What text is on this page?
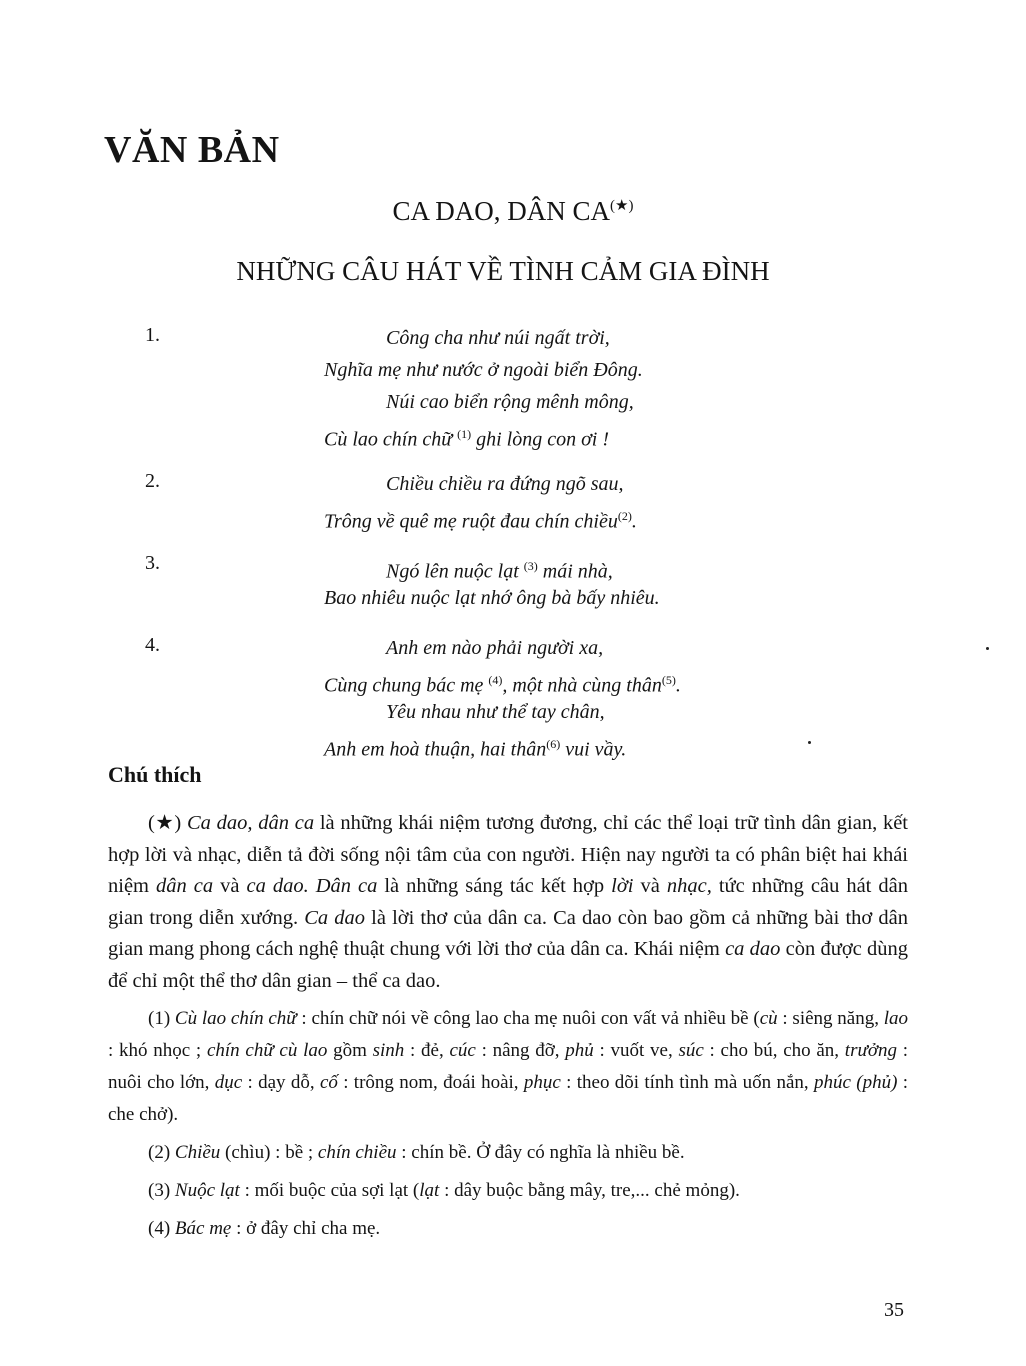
VĂN BẢN
CA DAO, DÂN CA(★)
NHỮNG CÂU HÁT VỀ TÌNH CẢM GIA ĐÌNH
1.	Công cha như núi ngất trời,
Nghĩa mẹ như nước ở ngoài biển Đông.
Núi cao biển rộng mênh mông,
Cù lao chín chữ $^{(1)}$ ghi lòng con ơi !
2.	Chiều chiều ra đứng ngõ sau,
Trông về quê mẹ ruột đau chín chiều$^{(2)}$.
3.	Ngó lên nuộc lạt $^{(3)}$ mái nhà,
Bao nhiêu nuộc lạt nhớ ông bà bấy nhiêu.
4.	Anh em nào phải người xa,
Cùng chung bác mẹ $^{(4)}$, một nhà cùng thân$^{(5)}$.
Yêu nhau như thể tay chân,
Anh em hoà thuận, hai thân$^{(6)}$ vui vầy.
Chú thích

(★) Ca dao, dân ca là những khái niệm tương đương, chỉ các thể loại trữ tình dân gian, kết hợp lời và nhạc, diễn tả đời sống nội tâm của con người. Hiện nay người ta có phân biệt hai khái niệm dân ca và ca dao. Dân ca là những sáng tác kết hợp lời và nhạc, tức những câu hát dân gian trong diễn xướng. Ca dao là lời thơ của dân ca. Ca dao còn bao gồm cả những bài thơ dân gian mang phong cách nghệ thuật chung với lời thơ của dân ca. Khái niệm ca dao còn được dùng để chỉ một thể thơ dân gian – thể ca dao.

(1) Cù lao chín chữ : chín chữ nói về công lao cha mẹ nuôi con vất vả nhiều bề (cù : siêng năng, lao : khó nhọc ; chín chữ cù lao gồm sinh : đẻ, cúc : nâng đỡ, phủ : vuốt ve, súc : cho bú, cho ăn, trưởng : nuôi cho lớn, dục : dạy dỗ, cố : trông nom, đoái hoài, phục : theo dõi tính tình mà uốn nắn, phúc (phủ) : che chở).

(2) Chiều (chìu) : bề ; chín chiều : chín bề. Ở đây có nghĩa là nhiều bề.

(3) Nuộc lạt : mối buộc của sợi lạt (lạt : dây buộc bằng mây, tre,... chẻ mỏng).

(4) Bác mẹ : ở đây chỉ cha mẹ.

35
